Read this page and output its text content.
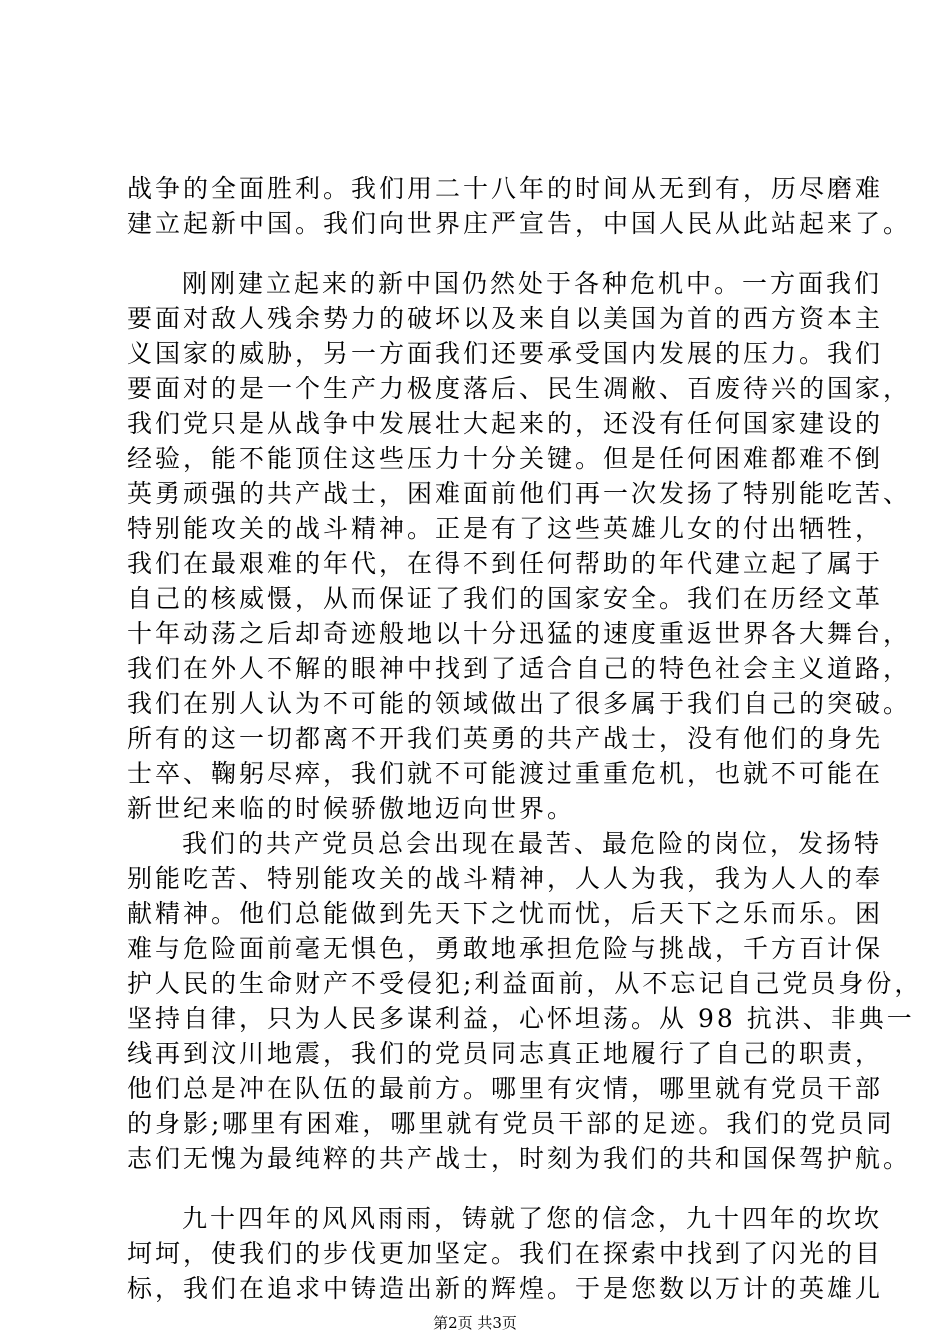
战争的全面胜利。我们用二十八年的时间从无到有，历尽磨难
建立起新中国。我们向世界庄严宣告，中国人民从此站起来了。
刚刚建立起来的新中国仍然处于各种危机中。一方面我们
要面对敌人残余势力的破坏以及来自以美国为首的西方资本主
义国家的威胁，另一方面我们还要承受国内发展的压力。我们
要面对的是一个生产力极度落后、民生凋敝、百废待兴的国家，
我们党只是从战争中发展壮大起来的，还没有任何国家建设的
经验，能不能顶住这些压力十分关键。但是任何困难都难不倒
英勇顽强的共产战士，困难面前他们再一次发扬了特别能吃苦、
特别能攻关的战斗精神。正是有了这些英雄儿女的付出牺牲，
我们在最艰难的年代，在得不到任何帮助的年代建立起了属于
自己的核威慑，从而保证了我们的国家安全。我们在历经文革
十年动荡之后却奇迹般地以十分迅猛的速度重返世界各大舞台，
我们在外人不解的眼神中找到了适合自己的特色社会主义道路，
我们在别人认为不可能的领域做出了很多属于我们自己的突破。
所有的这一切都离不开我们英勇的共产战士，没有他们的身先
士卒、鞠躬尽瘁，我们就不可能渡过重重危机，也就不可能在
新世纪来临的时候骄傲地迈向世界。
我们的共产党员总会出现在最苦、最危险的岗位，发扬特
别能吃苦、特别能攻关的战斗精神，人人为我，我为人人的奉
献精神。他们总能做到先天下之忧而忧，后天下之乐而乐。困
难与危险面前毫无惧色，勇敢地承担危险与挑战，千方百计保
护人民的生命财产不受侵犯;利益面前，从不忘记自己党员身份，
坚持自律，只为人民多谋利益，心怀坦荡。从 98 抗洪、非典一
线再到汶川地震，我们的党员同志真正地履行了自己的职责，
他们总是冲在队伍的最前方。哪里有灾情，哪里就有党员干部
的身影;哪里有困难，哪里就有党员干部的足迹。我们的党员同
志们无愧为最纯粹的共产战士，时刻为我们的共和国保驾护航。
九十四年的风风雨雨，铸就了您的信念，九十四年的坎坎
坷坷，使我们的步伐更加坚定。我们在探索中找到了闪光的目
标，我们在追求中铸造出新的辉煌。于是您数以万计的英雄儿
第2页 共3页
